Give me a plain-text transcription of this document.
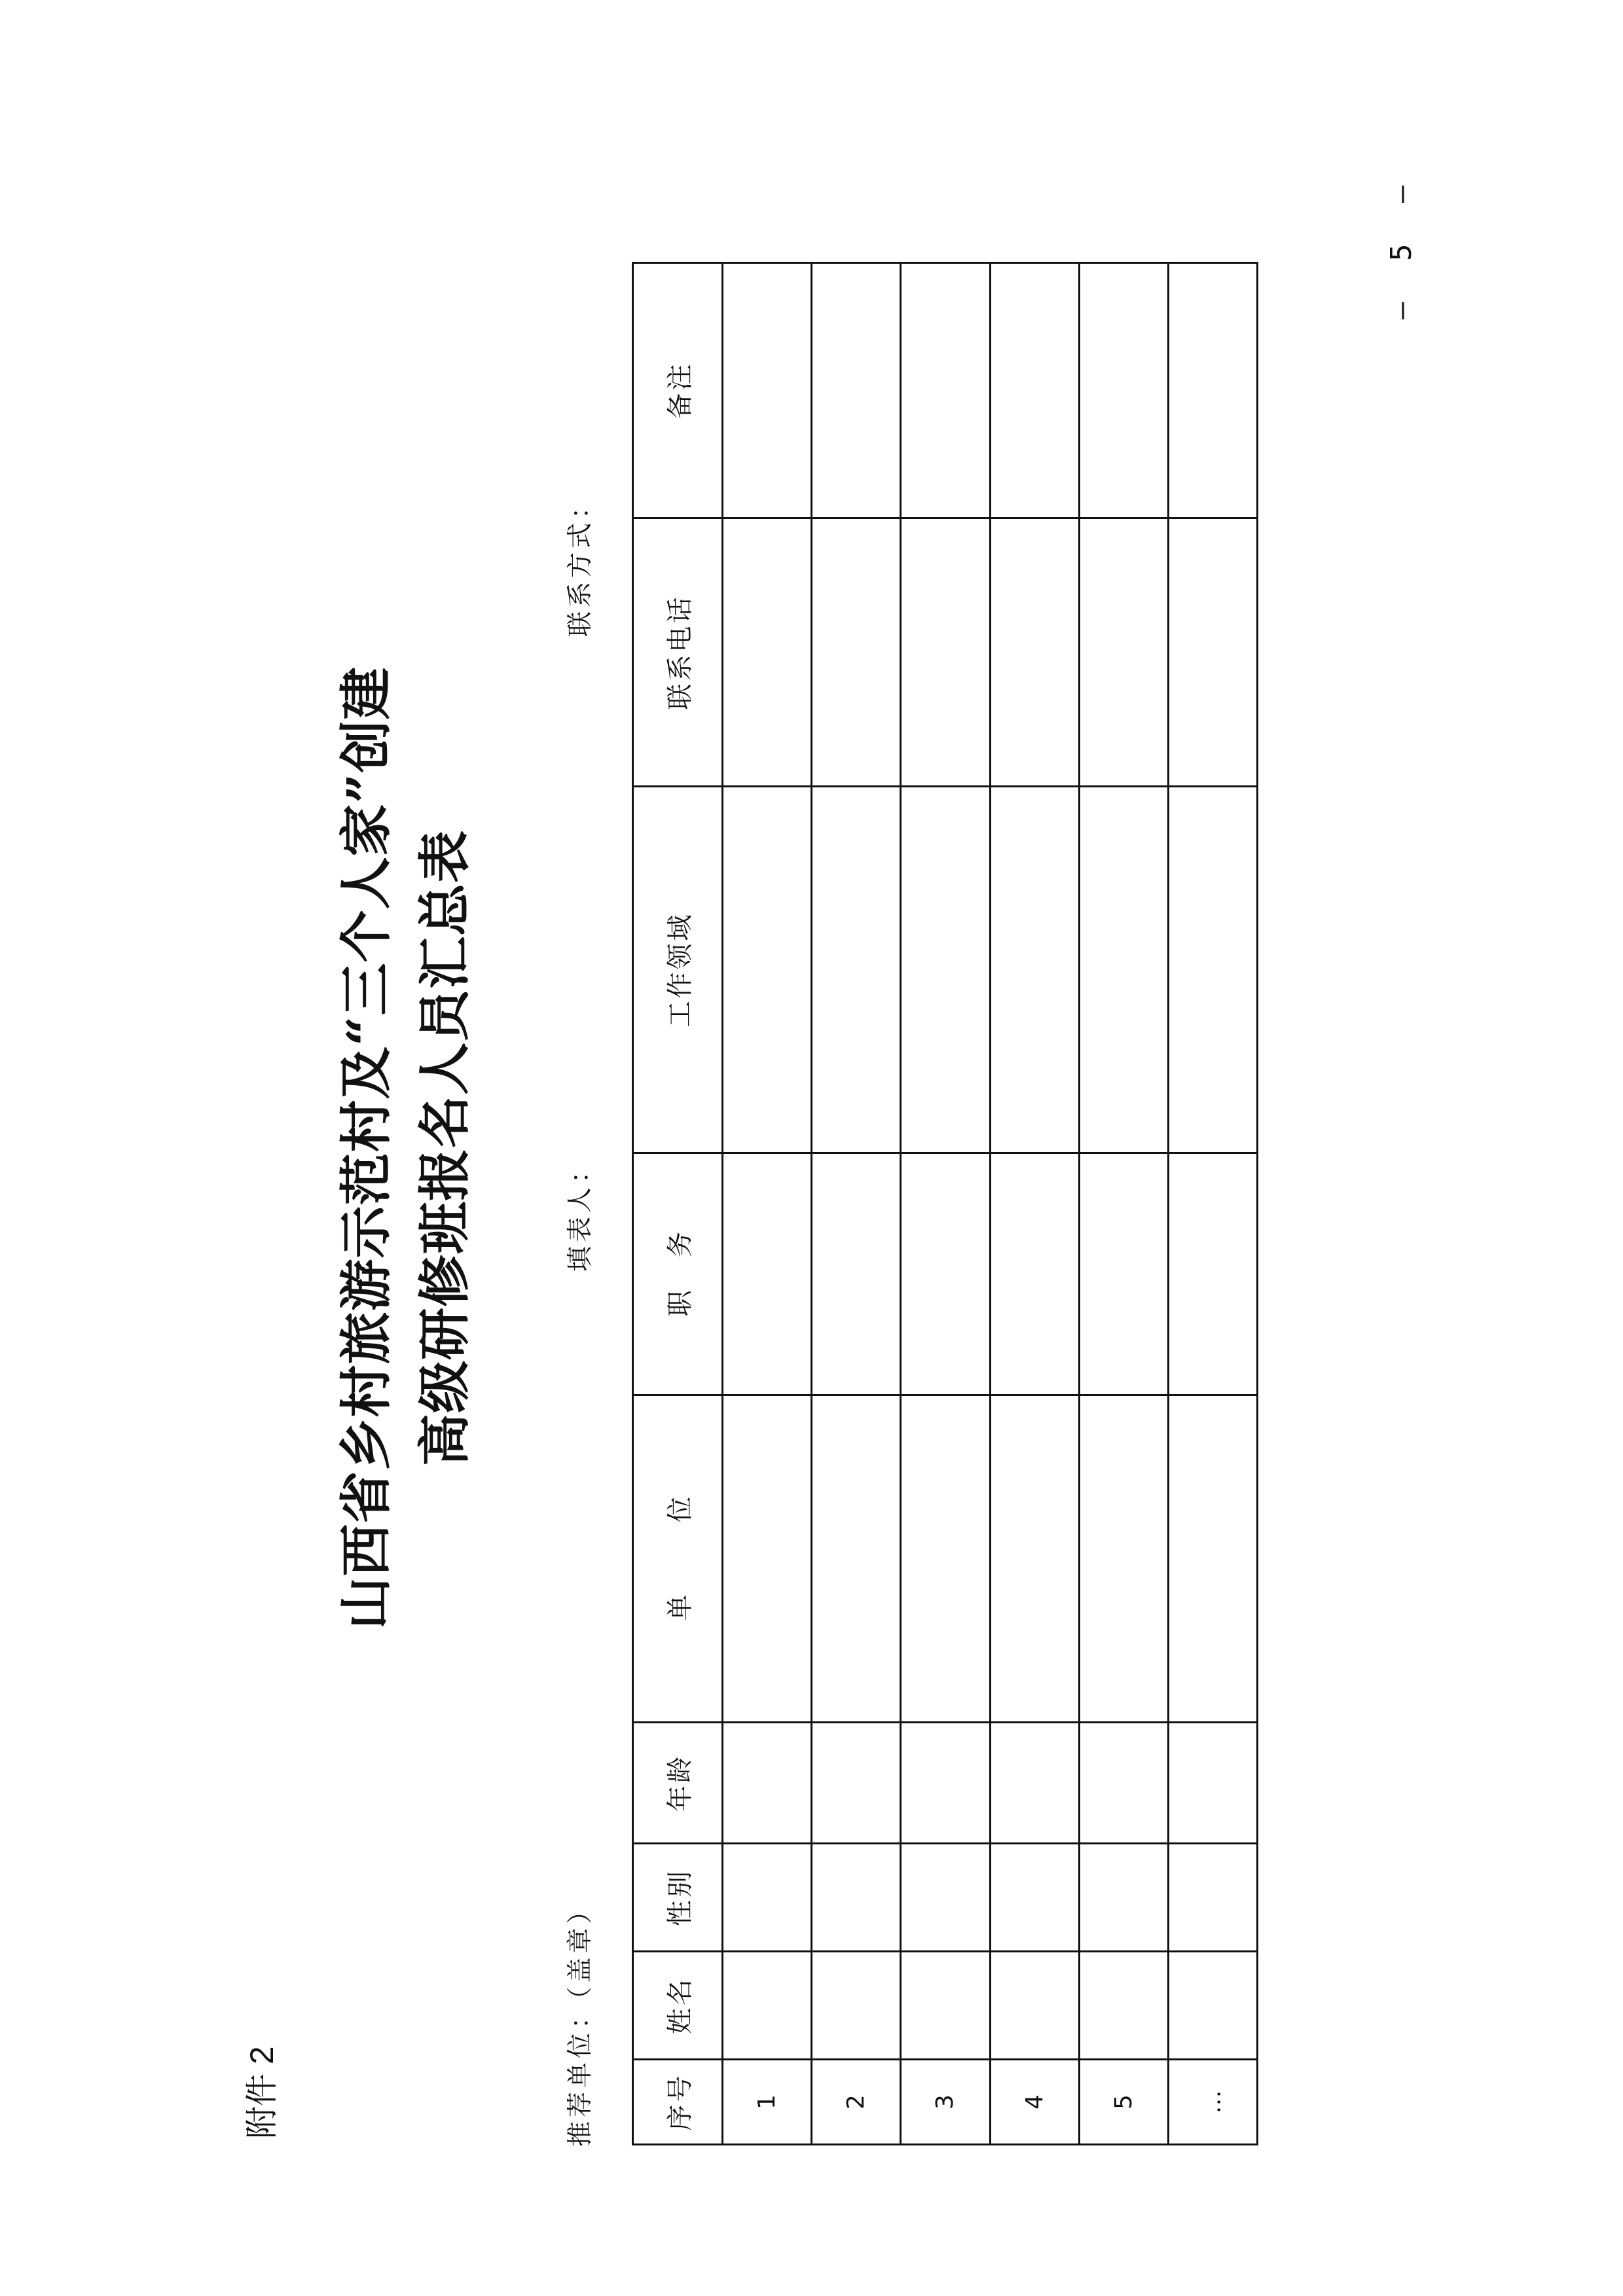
附件 2
山西省乡村旅游示范村及“三个人家”创建 高级研修班报名人员汇总表
推荐单位：（盖章）
填表人：
联系方式：
序号	姓名	性别	年龄	单位	职务	工作领域	联系电话	备注
1								
2								
3								
4								
5								
…								
— 5 —
